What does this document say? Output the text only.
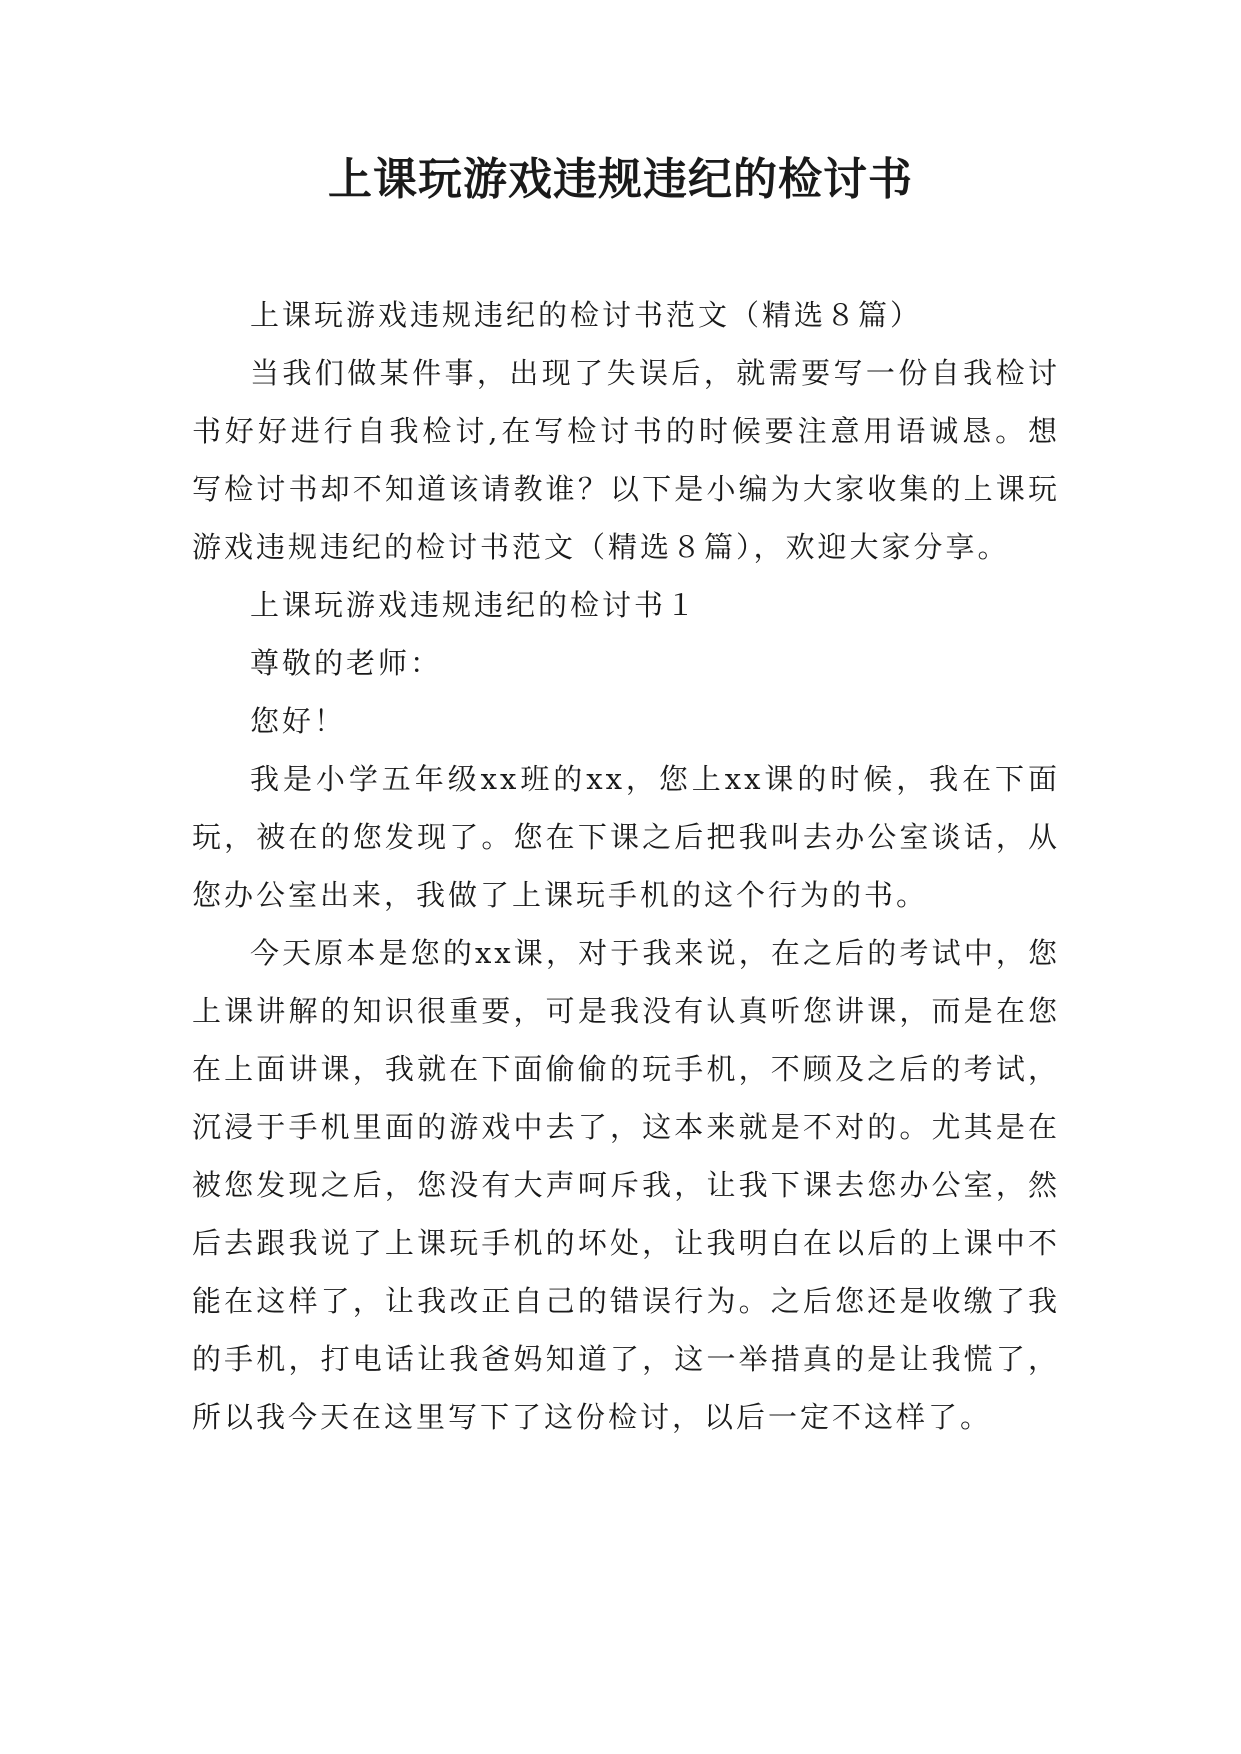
上课玩游戏违规违纪的检讨书

上课玩游戏违规违纪的检讨书范文（精选８篇）

当我们做某件事，出现了失误后，就需要写一份自我检讨书好好进行自我检讨,在写检讨书的时候要注意用语诚恳。想写检讨书却不知道该请教谁？以下是小编为大家收集的上课玩游戏违规违纪的检讨书范文（精选８篇），欢迎大家分享。

上课玩游戏违规违纪的检讨书１

尊敬的老师：

您好！

我是小学五年级xx班的xx，您上xx课的时候，我在下面玩，被在的您发现了。您在下课之后把我叫去办公室谈话，从您办公室出来，我做了上课玩手机的这个行为的书。

今天原本是您的xx课，对于我来说，在之后的考试中，您上课讲解的知识很重要，可是我没有认真听您讲课，而是在您在上面讲课，我就在下面偷偷的玩手机，不顾及之后的考试，沉浸于手机里面的游戏中去了，这本来就是不对的。尤其是在被您发现之后，您没有大声呵斥我，让我下课去您办公室，然后去跟我说了上课玩手机的坏处，让我明白在以后的上课中不能在这样了，让我改正自己的错误行为。之后您还是收缴了我的手机，打电话让我爸妈知道了，这一举措真的是让我慌了，所以我今天在这里写下了这份检讨，以后一定不这样了。
